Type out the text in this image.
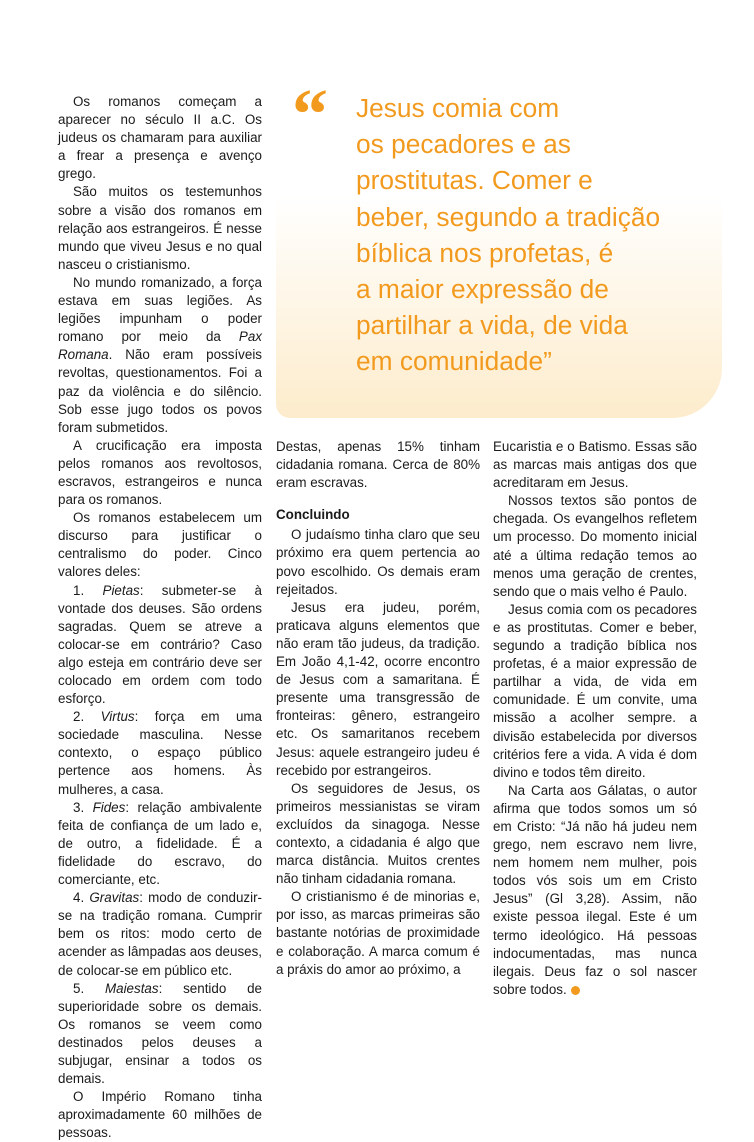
“ Jesus comia com
os pecadores e as
prostitutas. Comer e
beber, segundo a tradição
bíblica nos profetas, é
a maior expressão de
partilhar a vida, de vida
em comunidade”

Os romanos começam a aparecer no século II a.C. Os judeus os chamaram para auxiliar a frear a presença e avenço grego.

São muitos os testemunhos sobre a visão dos romanos em relação aos estrangeiros. É nesse mundo que viveu Jesus e no qual nasceu o cristianismo.

No mundo romanizado, a força estava em suas legiões. As legiões impunham o poder romano por meio da Pax Romana. Não eram possíveis revoltas, questionamentos. Foi a paz da violência e do silêncio. Sob esse jugo todos os povos foram submetidos.

A crucificação era imposta pelos romanos aos revoltosos, escravos, estrangeiros e nunca para os romanos.

Os romanos estabelecem um discurso para justificar o centralismo do poder. Cinco valores deles:

1. Pietas: submeter-se à vontade dos deuses. São ordens sagradas. Quem se atreve a colocar-se em contrário? Caso algo esteja em contrário deve ser colocado em ordem com todo esforço.

2. Virtus: força em uma sociedade masculina. Nesse contexto, o espaço público pertence aos homens. Às mulheres, a casa.

3. Fides: relação ambivalente feita de confiança de um lado e, de outro, a fidelidade. É a fidelidade do escravo, do comerciante, etc.

4. Gravitas: modo de conduzir-se na tradição romana. Cumprir bem os ritos: modo certo de acender as lâmpadas aos deuses, de colocar-se em público etc.

5. Maiestas: sentido de superioridade sobre os demais. Os romanos se veem como destinados pelos deuses a subjugar, ensinar a todos os demais.

O Império Romano tinha aproximadamente 60 milhões de pessoas.

Destas, apenas 15% tinham cidadania romana. Cerca de 80% eram escravas.

Concluindo

O judaísmo tinha claro que seu próximo era quem pertencia ao povo escolhido. Os demais eram rejeitados.

Jesus era judeu, porém, praticava alguns elementos que não eram tão judeus, da tradição. Em João 4,1-42, ocorre encontro de Jesus com a samaritana. É presente uma transgressão de fronteiras: gênero, estrangeiro etc. Os samaritanos recebem Jesus: aquele estrangeiro judeu é recebido por estrangeiros.

Os seguidores de Jesus, os primeiros messianistas se viram excluídos da sinagoga. Nesse contexto, a cidadania é algo que marca distância. Muitos crentes não tinham cidadania romana.

O cristianismo é de minorias e, por isso, as marcas primeiras são bastante notórias de proximidade e colaboração. A marca comum é a práxis do amor ao próximo, a

Eucaristia e o Batismo. Essas são as marcas mais antigas dos que acreditaram em Jesus.

Nossos textos são pontos de chegada. Os evangelhos refletem um processo. Do momento inicial até a última redação temos ao menos uma geração de crentes, sendo que o mais velho é Paulo.

Jesus comia com os pecadores e as prostitutas. Comer e beber, segundo a tradição bíblica nos profetas, é a maior expressão de partilhar a vida, de vida em comunidade. É um convite, uma missão a acolher sempre. a divisão estabelecida por diversos critérios fere a vida. A vida é dom divino e todos têm direito.

Na Carta aos Gálatas, o autor afirma que todos somos um só em Cristo: “Já não há judeu nem grego, nem escravo nem livre, nem homem nem mulher, pois todos vós sois um em Cristo Jesus” (Gl 3,28). Assim, não existe pessoa ilegal. Este é um termo ideológico. Há pessoas indocumentadas, mas nunca ilegais. Deus faz o sol nascer sobre todos.
